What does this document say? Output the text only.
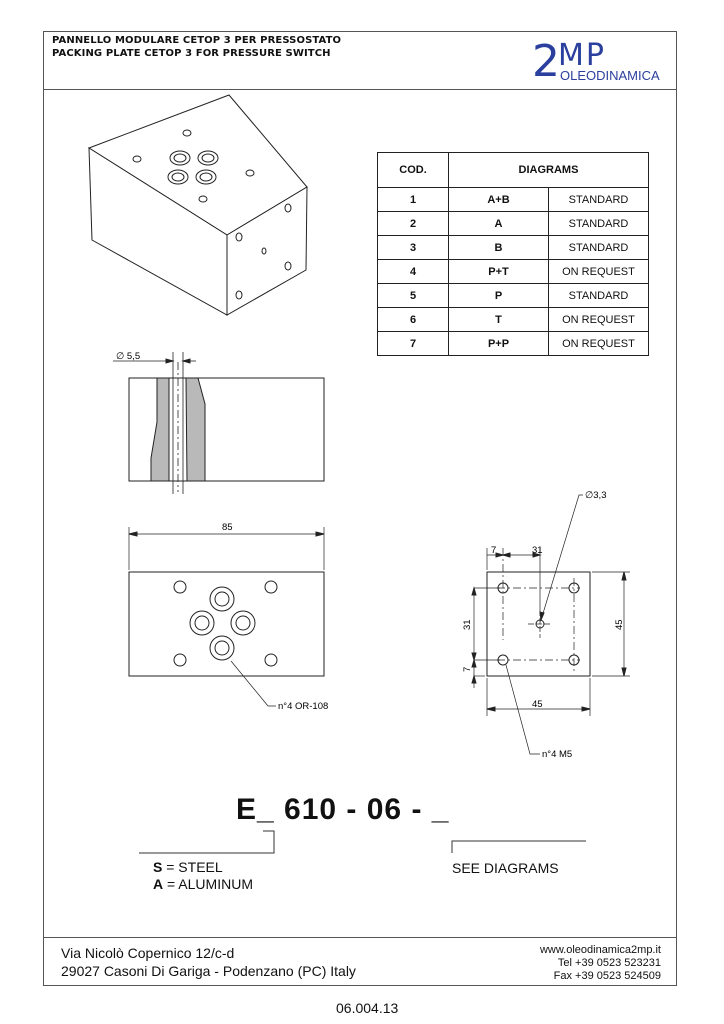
PANNELLO MODULARE CETOP 3 PER PRESSOSTATO
PACKING PLATE CETOP 3 FOR PRESSURE SWITCH	2 MP
OLEODINAMICA
COD.	DIAGRAMS	
1	A+B	STANDARD
2	A	STANDARD
3	B	STANDARD
4	P+T	ON REQUEST
5	P	STANDARD
6	T	ON REQUEST
7	P+P	ON REQUEST
∅ 5,5
85
n°4 OR-108
∅3,3
7	31
31
7
45
45
n°4 M5
E_ 610 - 06 - _
S = STEEL
A = ALUMINUM
SEE DIAGRAMS
Via Nicolò Copernico 12/c-d
29027 Casoni Di Gariga - Podenzano (PC) Italy
www.oleodinamica2mp.it
Tel +39 0523 523231
Fax +39 0523 524509
06.004.13
